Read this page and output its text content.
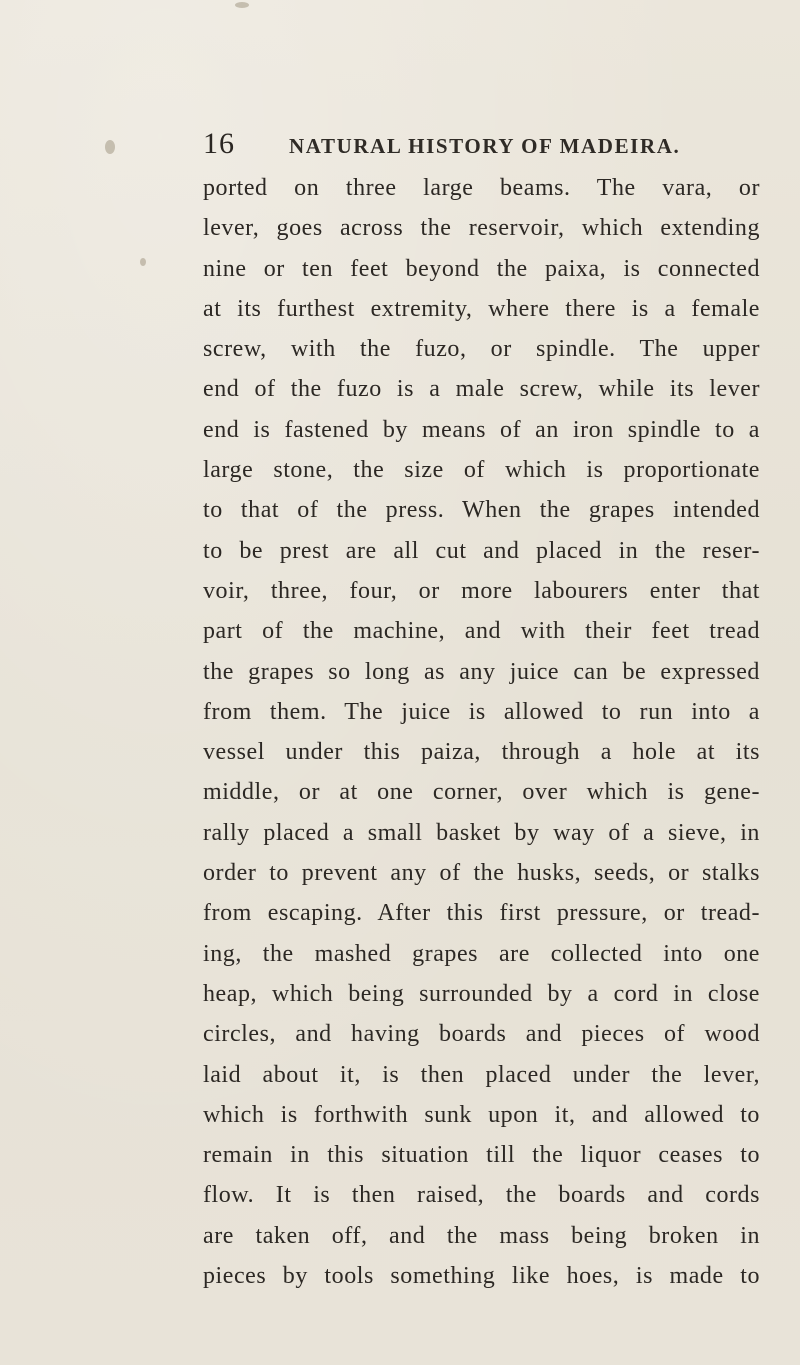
16	NATURAL HISTORY OF MADEIRA.
ported on three large beams. The vara, or
lever, goes across the reservoir, which extending
nine or ten feet beyond the paixa, is connected
at its furthest extremity, where there is a female
screw, with the fuzo, or spindle. The upper
end of the fuzo is a male screw, while its lever
end is fastened by means of an iron spindle to a
large stone, the size of which is proportionate
to that of the press. When the grapes intended
to be prest are all cut and placed in the reser-
voir, three, four, or more labourers enter that
part of the machine, and with their feet tread
the grapes so long as any juice can be expressed
from them. The juice is allowed to run into a
vessel under this paiza, through a hole at its
middle, or at one corner, over which is gene-
rally placed a small basket by way of a sieve, in
order to prevent any of the husks, seeds, or stalks
from escaping. After this first pressure, or tread-
ing, the mashed grapes are collected into one
heap, which being surrounded by a cord in close
circles, and having boards and pieces of wood
laid about it, is then placed under the lever,
which is forthwith sunk upon it, and allowed to
remain in this situation till the liquor ceases to
flow. It is then raised, the boards and cords
are taken off, and the mass being broken in
pieces by tools something like hoes, is made to
